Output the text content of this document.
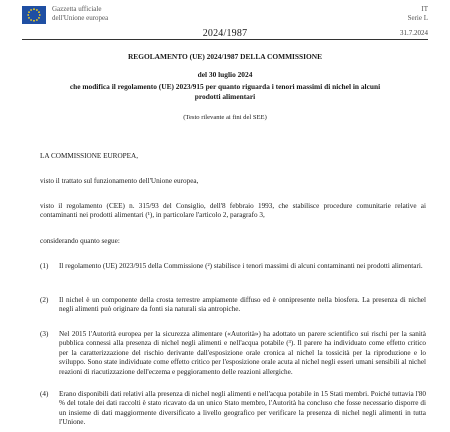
Gazzetta ufficiale
dell'Unione europea
IT
Serie L
2024/1987	31.7.2024
REGOLAMENTO (UE) 2024/1987 DELLA COMMISSIONE
del 30 luglio 2024
che modifica il regolamento (UE) 2023/915 per quanto riguarda i tenori massimi di nichel in alcuni prodotti alimentari
(Testo rilevante ai fini del SEE)
LA COMMISSIONE EUROPEA,
visto il trattato sul funzionamento dell'Unione europea,
visto il regolamento (CEE) n. 315/93 del Consiglio, dell'8 febbraio 1993, che stabilisce procedure comunitarie relative ai contaminanti nei prodotti alimentari (¹), in particolare l'articolo 2, paragrafo 3,
considerando quanto segue:
(1) Il regolamento (UE) 2023/915 della Commissione (²) stabilisce i tenori massimi di alcuni contaminanti nei prodotti alimentari.
(2) Il nichel è un componente della crosta terrestre ampiamente diffuso ed è onnipresente nella biosfera. La presenza di nichel negli alimenti può originare da fonti sia naturali sia antropiche.
(3) Nel 2015 l'Autorità europea per la sicurezza alimentare («Autorità») ha adottato un parere scientifico sui rischi per la sanità pubblica connessi alla presenza di nichel negli alimenti e nell'acqua potabile (³). Il parere ha individuato come effetto critico per la caratterizzazione del rischio derivante dall'esposizione orale cronica al nichel la tossicità per la riproduzione e lo sviluppo. Sono state individuate come effetto critico per l'esposizione orale acuta al nichel negli esseri umani sensibili al nichel reazioni di riacutizzazione dell'eczema e peggioramento delle reazioni allergiche.
(4) Erano disponibili dati relativi alla presenza di nichel negli alimenti e nell'acqua potabile in 15 Stati membri. Poiché tuttavia l'80 % del totale dei dati raccolti è stato ricavato da un unico Stato membro, l'Autorità ha concluso che fosse necessario disporre di un insieme di dati maggiormente diversificato a livello geografico per verificare la presenza di nichel negli alimenti in tutta l'Unione.
